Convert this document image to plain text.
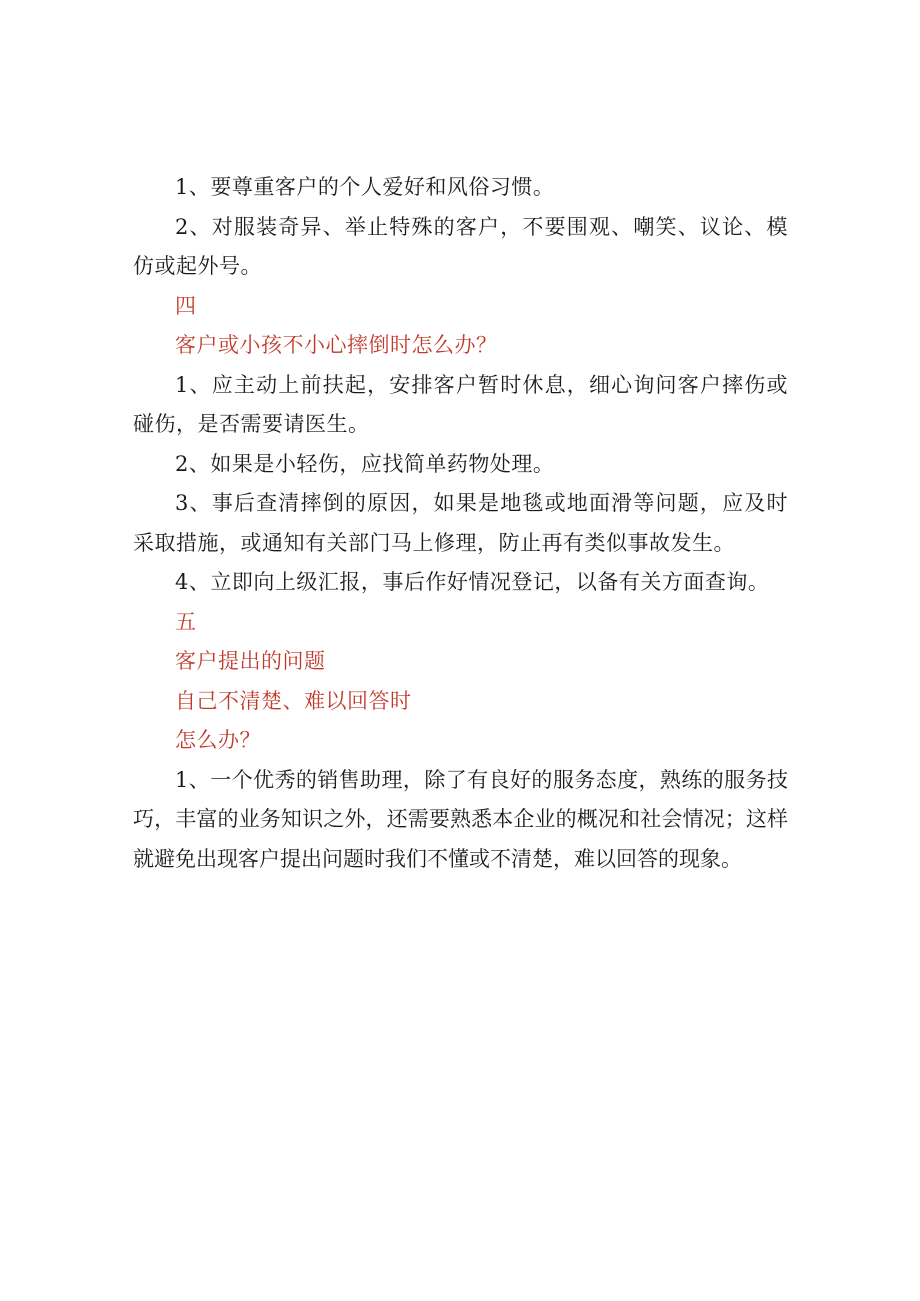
1、要尊重客户的个人爱好和风俗习惯。

2、对服装奇异、举止特殊的客户，不要围观、嘲笑、议论、模仿或起外号。

四

客户或小孩不小心摔倒时怎么办？

1、应主动上前扶起，安排客户暂时休息，细心询问客户摔伤或碰伤，是否需要请医生。

2、如果是小轻伤，应找简单药物处理。

3、事后查清摔倒的原因，如果是地毯或地面滑等问题，应及时采取措施，或通知有关部门马上修理，防止再有类似事故发生。

4、立即向上级汇报，事后作好情况登记，以备有关方面查询。

五

客户提出的问题

自己不清楚、难以回答时

怎么办？

1、一个优秀的销售助理，除了有良好的服务态度，熟练的服务技巧，丰富的业务知识之外，还需要熟悉本企业的概况和社会情况；这样就避免出现客户提出问题时我们不懂或不清楚，难以回答的现象。
